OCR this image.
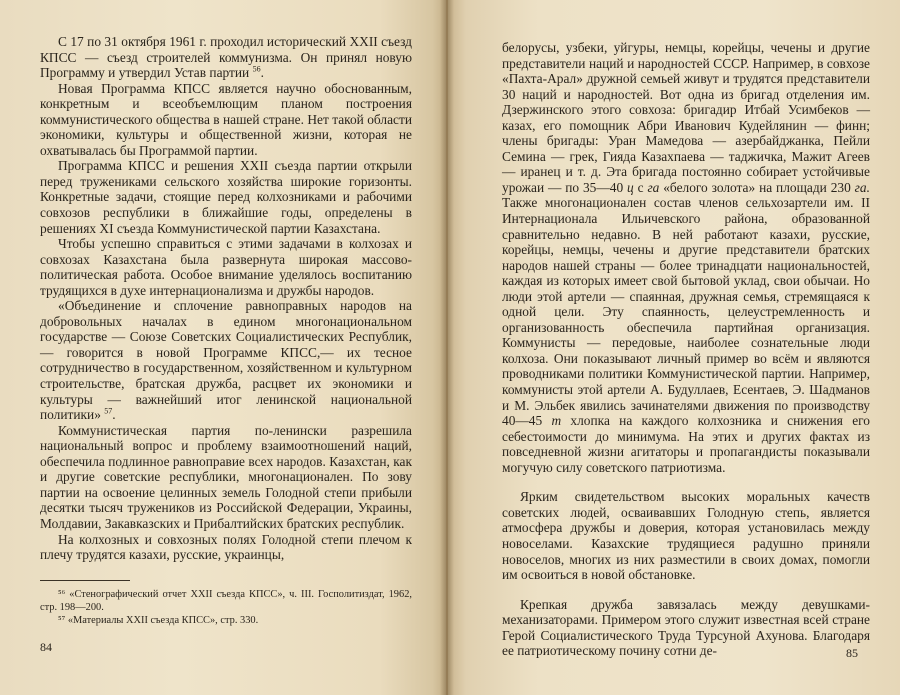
С 17 по 31 октября 1961 г. проходил исторический XXII съезд КПСС — съезд строителей коммунизма. Он принял новую Программу и утвердил Устав партии $^{56}$.

Новая Программа КПСС является научно обоснованным, конкретным и всеобъемлющим планом построения коммунистического общества в нашей стране. Нет такой области экономики, культуры и общественной жизни, которая не охватывалась бы Программой партии.

Программа КПСС и решения XXII съезда партии открыли перед тружениками сельского хозяйства широкие горизонты. Конкретные задачи, стоящие перед колхозниками и рабочими совхозов республики в ближайшие годы, определены в решениях XI съезда Коммунистической партии Казахстана.

Чтобы успешно справиться с этими задачами в колхозах и совхозах Казахстана была развернута широкая массово-политическая работа. Особое внимание уделялось воспитанию трудящихся в духе интернационализма и дружбы народов.

«Объединение и сплочение равноправных народов на добровольных началах в едином многонациональном государстве — Союзе Советских Социалистических Республик, — говорится в новой Программе КПСС,— их тесное сотрудничество в государственном, хозяйственном и культурном строительстве, братская дружба, расцвет их экономики и культуры — важнейший итог ленинской национальной политики» $^{57}$.

Коммунистическая партия по-ленински разрешила национальный вопрос и проблему взаимоотношений наций, обеспечила подлинное равноправие всех народов. Казахстан, как и другие советские республики, многонационален. По зову партии на освоение целинных земель Голодной степи прибыли десятки тысяч тружеников из Российской Федерации, Украины, Молдавии, Закавказских и Прибалтийских братских республик.

На колхозных и совхозных полях Голодной степи плечом к плечу трудятся казахи, русские, украинцы,

⁵⁶ «Стенографический отчет XXII съезда КПСС», ч. III. Госполитиздат, 1962, стр. 198—200.

⁵⁷ «Материалы XXII съезда КПСС», стр. 330.

84

белорусы, узбеки, уйгуры, немцы, корейцы, чечены и другие представители наций и народностей СССР. Например, в совхозе «Пахта-Арал» дружной семьей живут и трудятся представители 30 наций и народностей. Вот одна из бригад отделения им. Дзержинского этого совхоза: бригадир Итбай Усимбеков — казах, его помощник Абри Иванович Кудейлянин — финн; члены бригады: Уран Мамедова — азербайджанка, Пейли Семина — грек, Гияда Казахпаева — таджичка, Мажит Агеев — иранец и т. д. Эта бригада постоянно собирает устойчивые урожаи — по 35—40 ц с га «белого золота» на площади 230 га. Также многонационален состав членов сельхозартели им. II Интернационала Ильичевского района, образованной сравнительно недавно. В ней работают казахи, русские, корейцы, немцы, чечены и другие представители братских народов нашей страны — более тринадцати национальностей, каждая из которых имеет свой бытовой уклад, свои обычаи. Но люди этой артели — спаянная, дружная семья, стремящаяся к одной цели. Эту спаянность, целеустремленность и организованность обеспечила партийная организация. Коммунисты — передовые, наиболее сознательные люди колхоза. Они показывают личный пример во всём и являются проводниками политики Коммунистической партии. Например, коммунисты этой артели А. Будуллаев, Есентаев, Э. Шадманов и М. Эльбек явились зачинателями движения по производству 40—45 т хлопка на каждого колхозника и снижения его себестоимости до минимума. На этих и других фактах из повседневной жизни агитаторы и пропагандисты показывали могучую силу советского патриотизма.

Ярким свидетельством высоких моральных качеств советских людей, осваивавших Голодную степь, является атмосфера дружбы и доверия, которая установилась между новоселами. Казахские трудящиеся радушно приняли новоселов, многих из них разместили в своих домах, помогли им освоиться в новой обстановке.

Крепкая дружба завязалась между девушками-механизаторами. Примером этого служит известная всей стране Герой Социалистического Труда Турсуной Ахунова. Благодаря ее патриотическому почину сотни де-	85
